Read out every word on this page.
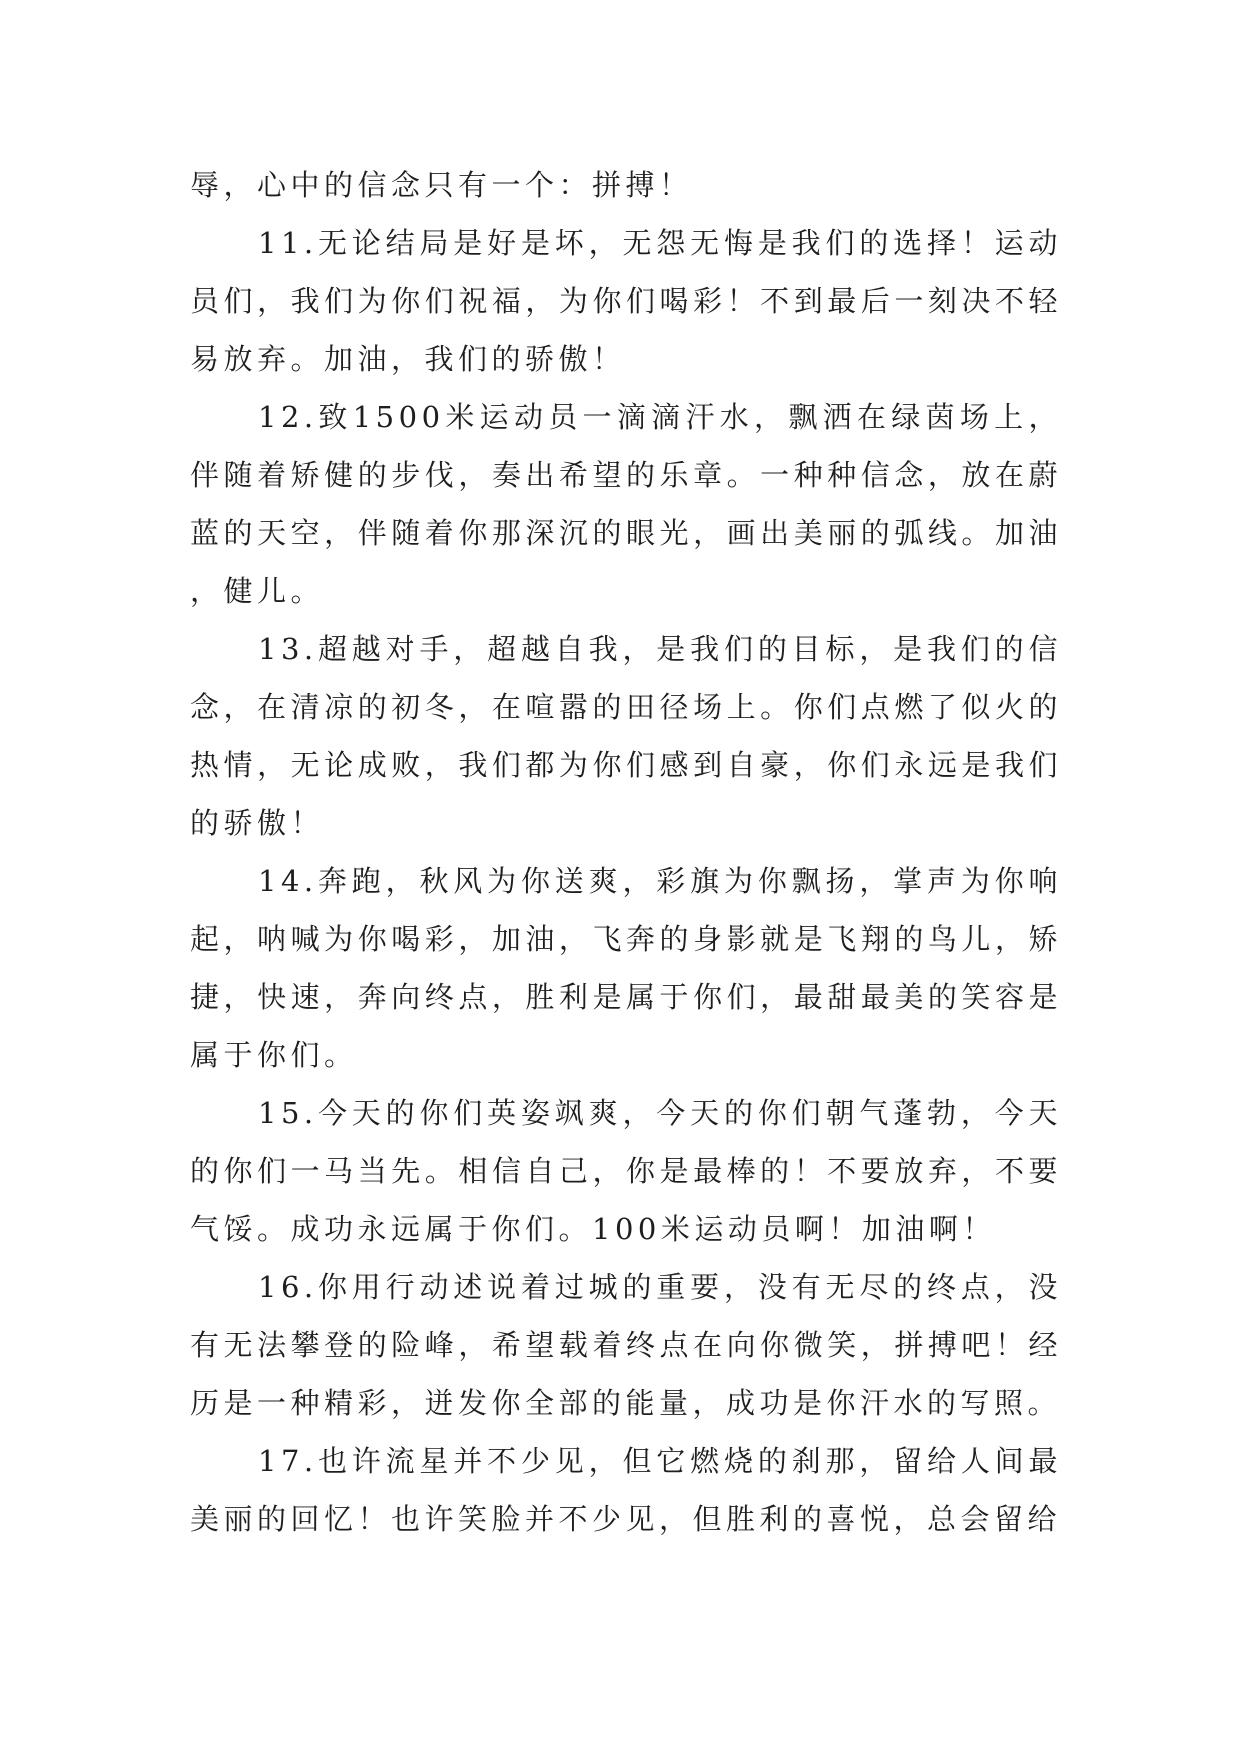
辱，心中的信念只有一个：拼搏！

11.无论结局是好是坏，无怨无悔是我们的选择！运动员们，我们为你们祝福，为你们喝彩！不到最后一刻决不轻易放弃。加油，我们的骄傲！

12.致1500米运动员一滴滴汗水，飘洒在绿茵场上，伴随着矫健的步伐，奏出希望的乐章。一种种信念，放在蔚蓝的天空，伴随着你那深沉的眼光，画出美丽的弧线。加油，健儿。

13.超越对手，超越自我，是我们的目标，是我们的信念，在清凉的初冬，在喧嚣的田径场上。你们点燃了似火的热情，无论成败，我们都为你们感到自豪，你们永远是我们的骄傲！

14.奔跑，秋风为你送爽，彩旗为你飘扬，掌声为你响起，呐喊为你喝彩，加油，飞奔的身影就是飞翔的鸟儿，矫捷，快速，奔向终点，胜利是属于你们，最甜最美的笑容是属于你们。

15.今天的你们英姿飒爽，今天的你们朝气蓬勃，今天的你们一马当先。相信自己，你是最棒的！不要放弃，不要气馁。成功永远属于你们。100米运动员啊！加油啊！

16.你用行动述说着过城的重要，没有无尽的终点，没有无法攀登的险峰，希望载着终点在向你微笑，拼搏吧！经历是一种精彩，迸发你全部的能量，成功是你汗水的写照。

17.也许流星并不少见，但它燃烧的刹那，留给人间最美丽的回忆！也许笑脸并不少见，但胜利的喜悦，总会留给
